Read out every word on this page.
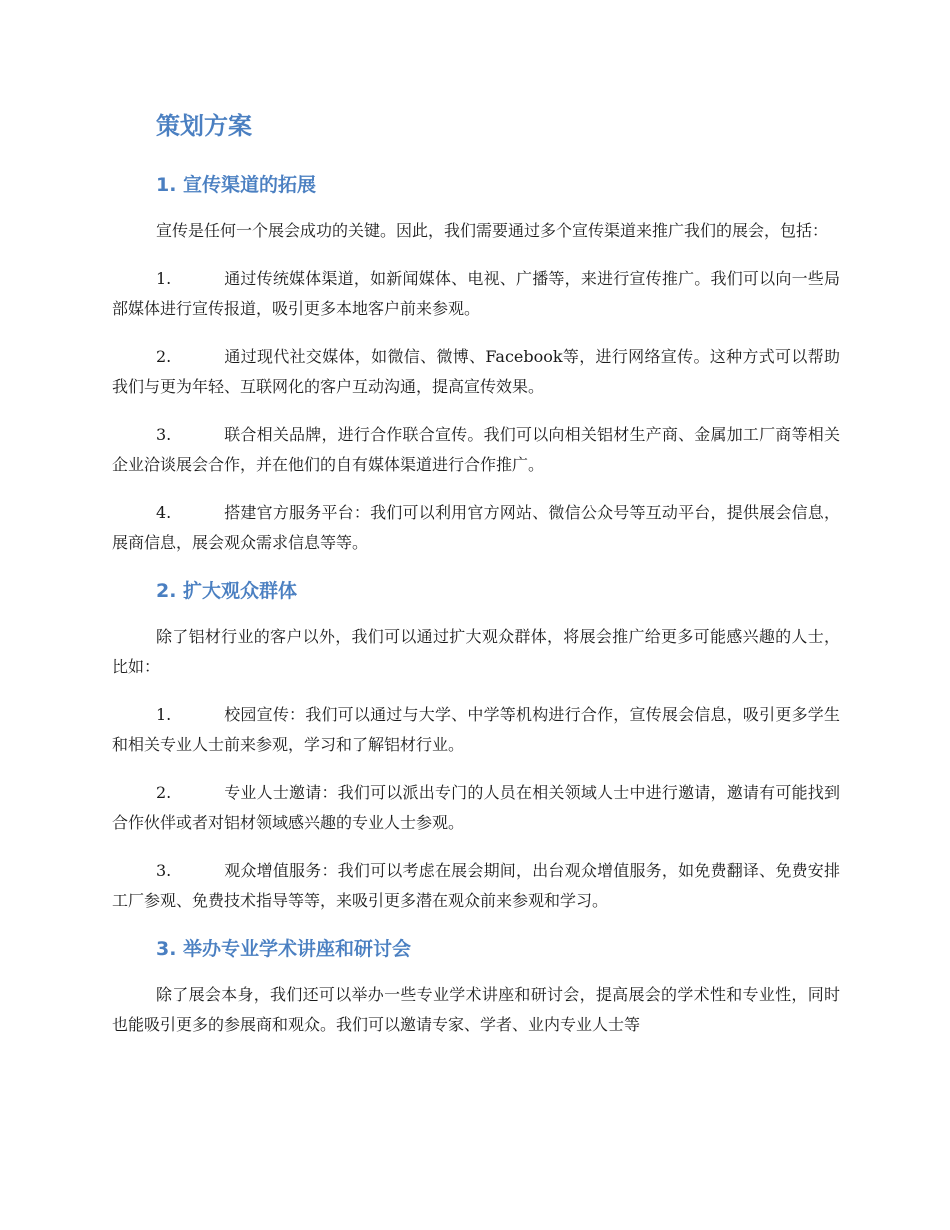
策划方案
1. 宣传渠道的拓展

宣传是任何一个展会成功的关键。因此，我们需要通过多个宣传渠道来推广我们的展会，包括：

1.	通过传统媒体渠道，如新闻媒体、电视、广播等，来进行宣传推广。我们可以向一些局部媒体进行宣传报道，吸引更多本地客户前来参观。
2.	通过现代社交媒体，如微信、微博、Facebook等，进行网络宣传。这种方式可以帮助我们与更为年轻、互联网化的客户互动沟通，提高宣传效果。
3.	联合相关品牌，进行合作联合宣传。我们可以向相关铝材生产商、金属加工厂商等相关企业洽谈展会合作，并在他们的自有媒体渠道进行合作推广。
4.	搭建官方服务平台：我们可以利用官方网站、微信公众号等互动平台，提供展会信息，展商信息，展会观众需求信息等等。
2. 扩大观众群体

除了铝材行业的客户以外，我们可以通过扩大观众群体，将展会推广给更多可能感兴趣的人士，比如：

1.	校园宣传：我们可以通过与大学、中学等机构进行合作，宣传展会信息，吸引更多学生和相关专业人士前来参观，学习和了解铝材行业。
2.	专业人士邀请：我们可以派出专门的人员在相关领域人士中进行邀请，邀请有可能找到合作伙伴或者对铝材领域感兴趣的专业人士参观。
3.	观众增值服务：我们可以考虑在展会期间，出台观众增值服务，如免费翻译、免费安排工厂参观、免费技术指导等等，来吸引更多潜在观众前来参观和学习。
3. 举办专业学术讲座和研讨会

除了展会本身，我们还可以举办一些专业学术讲座和研讨会，提高展会的学术性和专业性，同时也能吸引更多的参展商和观众。我们可以邀请专家、学者、业内专业人士等
